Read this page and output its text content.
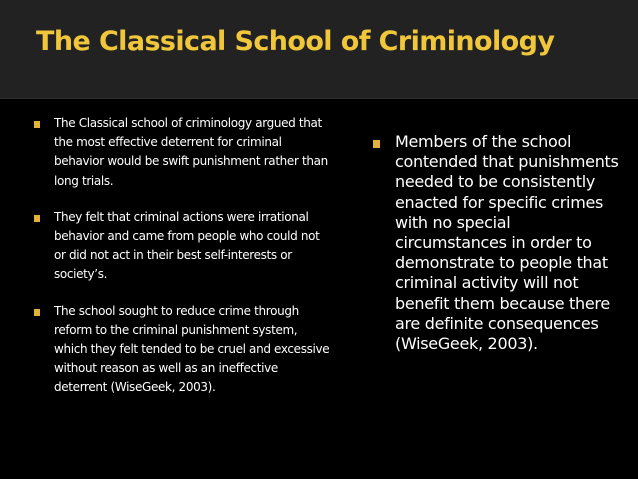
The Classical School of Criminology
The Classical school of criminology argued that the most effective deterrent for criminal behavior would be swift punishment rather than long trials.
They felt that criminal actions were irrational behavior and came from people who could not or did not act in their best self-interests or society’s.
The school sought to reduce crime through reform to the criminal punishment system, which they felt tended to be cruel and excessive without reason as well as an ineffective deterrent (WiseGeek, 2003).
Members of the school contended that punishments needed to be consistently enacted for specific crimes with no special circumstances in order to demonstrate to people that criminal activity will not benefit them because there are definite consequences (WiseGeek, 2003).
